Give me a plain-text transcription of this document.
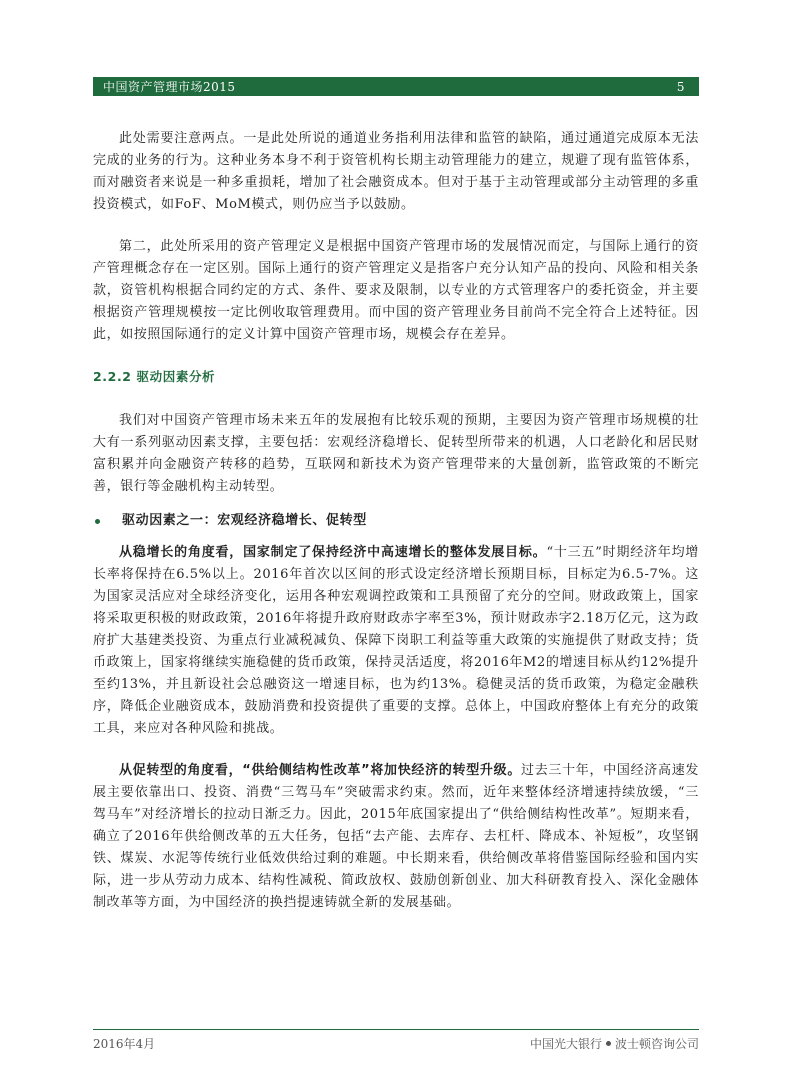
中国资产管理市场2015	5

此处需要注意两点。一是此处所说的通道业务指利用法律和监管的缺陷，通过通道完成原本无法完成的业务的行为。这种业务本身不利于资管机构长期主动管理能力的建立，规避了现有监管体系，而对融资者来说是一种多重损耗，增加了社会融资成本。但对于基于主动管理或部分主动管理的多重投资模式，如FoF、MoM模式，则仍应当予以鼓励。

第二，此处所采用的资产管理定义是根据中国资产管理市场的发展情况而定，与国际上通行的资产管理概念存在一定区别。国际上通行的资产管理定义是指客户充分认知产品的投向、风险和相关条款，资管机构根据合同约定的方式、条件、要求及限制，以专业的方式管理客户的委托资金，并主要根据资产管理规模按一定比例收取管理费用。而中国的资产管理业务目前尚不完全符合上述特征。因此，如按照国际通行的定义计算中国资产管理市场，规模会存在差异。

2.2.2 驱动因素分析

我们对中国资产管理市场未来五年的发展抱有比较乐观的预期，主要因为资产管理市场规模的壮大有一系列驱动因素支撑，主要包括：宏观经济稳增长、促转型所带来的机遇，人口老龄化和居民财富积累并向金融资产转移的趋势，互联网和新技术为资产管理带来的大量创新，监管政策的不断完善，银行等金融机构主动转型。

驱动因素之一：宏观经济稳增长、促转型

从稳增长的角度看，国家制定了保持经济中高速增长的整体发展目标。“十三五”时期经济年均增长率将保持在6.5%以上。2016年首次以区间的形式设定经济增长预期目标，目标定为6.5-7%。这为国家灵活应对全球经济变化，运用各种宏观调控政策和工具预留了充分的空间。财政政策上，国家将采取更积极的财政政策，2016年将提升政府财政赤字率至3%，预计财政赤字2.18万亿元，这为政府扩大基建类投资、为重点行业减税减负、保障下岗职工利益等重大政策的实施提供了财政支持；货币政策上，国家将继续实施稳健的货币政策，保持灵活适度，将2016年M2的增速目标从约12%提升至约13%，并且新设社会总融资这一增速目标，也为约13%。稳健灵活的货币政策，为稳定金融秩序，降低企业融资成本，鼓励消费和投资提供了重要的支撑。总体上，中国政府整体上有充分的政策工具，来应对各种风险和挑战。

从促转型的角度看，“供给侧结构性改革”将加快经济的转型升级。过去三十年，中国经济高速发展主要依靠出口、投资、消费“三驾马车”突破需求约束。然而，近年来整体经济增速持续放缓，“三驾马车”对经济增长的拉动日渐乏力。因此，2015年底国家提出了“供给侧结构性改革”。短期来看，确立了2016年供给侧改革的五大任务，包括“去产能、去库存、去杠杆、降成本、补短板”，攻坚钢铁、煤炭、水泥等传统行业低效供给过剩的难题。中长期来看，供给侧改革将借鉴国际经验和国内实际，进一步从劳动力成本、结构性减税、简政放权、鼓励创新创业、加大科研教育投入、深化金融体制改革等方面，为中国经济的换挡提速铸就全新的发展基础。

2016年4月	中国光大银行 波士顿咨询公司
